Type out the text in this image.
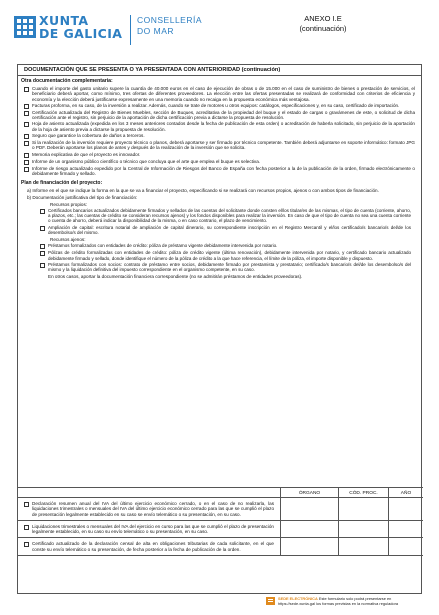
XUNTA
DE GALICIA
CONSELLERÍA
DO MAR
ANEXO I.E
(continuación)
DOCUMENTACIÓN QUE SE PRESENTA O YA PRESENTADA CON ANTERIORIDAD (continuación)
Otra documentación complementaria:
Cuando el importe del gasto unitario supere la cuantía de 40.000 euros en el caso de ejecución de obras o de 15.000 en el caso de suministro de bienes o prestación de servicios, el beneficiario deberá aportar, como mínimo, tres ofertas de diferentes proveedores. La elección entre las ofertas presentadas se realizará de conformidad con criterios de eficiencia y economía y la elección deberá justificarse expresamente en una memoria cuando no recaiga en la propuesta económica más ventajosa.
Facturas proforma, en su caso, de la inversión a realizar. Además, cuando se trate de motores u otros equipos: catálogos, especificaciones y, en su caso, certificado de importación.
Certificación actualizada del Registro de Bienes Muebles, sección de Buques, acreditativa de la propiedad del buque y el estado de cargas o gravámenes de este, o solicitud de dicha certificación ante el registro, sin perjuicio de la aportación de dicha certificación previa a dictarse la propuesta de resolución.
Hoja de asiento actualizada (expedida en los 3 meses anteriores contados desde la fecha de publicación de esta orden) o acreditación de haberla solicitado, sin perjuicio de la aportación de la hoja de asiento previa a dictarse la propuesta de resolución.
Seguro que garantice la cobertura de daños a terceros.
Si la realización de la inversión requiere proyecto técnico o planos, deberá aportarse y ser firmado por técnico competente. También deberá adjuntarse en soporte informático: formato JPG o PDF. Deberán aportarse los planos de antes y después de la realización de la inversión que se solicita.
Memoria explicativa de que el proyecto es innovador.
Informe de un organismo público científico o técnico que concluya que el arte que emplea el buque es selectiva.
Informe de riesgo actualizado expedido por la Central de Información de Riesgos del Banco de España con fecha posterior a la de la publicación de la orden, firmado electrónicamente o debidamente firmado y sellado.
Plan de financiación del proyecto:
a) Informe en el que se indique la forma en la que se va a financiar el proyecto, especificando si se realizará con recursos propios, ajenos o con ambos tipos de financiación.
b) Documentación justificativa del tipo de financiación:
Recursos propios:
Certificados bancarios actualizados debidamente firmados y sellados de las cuentas del solicitante donde consten el/los titular/es de las mismas, el tipo de cuenta (corriente, ahorro, a plazos, etc.; las cuentas de crédito se consideran recursos ajenos) y los fondos disponibles para realizar la inversión. En caso de que el tipo de cuenta no sea una cuenta corriente o cuenta de ahorro, deberá indicar la disponibilidad de la misma, o en caso contrario, el plazo de vencimiento.
Ampliación de capital: escritura notarial de ampliación de capital dinerario, su correspondiente inscripción en el Registro Mercantil y el/los certificado/s bancario/s del/de los desembolso/s del mismo.
Recursos ajenos:
Préstamos formalizados con entidades de crédito: póliza de préstamo vigente debidamente intervenida por notario.
Pólizas de crédito formalizadas con entidades de crédito: póliza de crédito vigente (última renovación), debidamente intervenida por notario, y certificado bancario actualizado debidamente firmado y sellado, donde identifique el número de la póliza de crédito a la que hace referencia, el límite de la póliza, el importe disponible y dispuesto.
Préstamos formalizados con socios: contrato de préstamo entre socios, debidamente firmado por prestamista y prestatario; certificado/s bancario/s del/de los desembolso/s del mismo y la liquidación definitiva del impuesto correspondiente en el organismo competente, en su caso.
En otros casos, aportar la documentación financiera correspondiente (no se admitirán préstamos de entidades proveedoras).
ÓRGANO	CÓD. PROC.	AÑO
Declaración resumen anual del IVA del último ejercicio económico cerrado, o en el caso de no realizarla, las liquidaciones trimestrales o mensuales del IVA del último ejercicio económico cerrado para las que se cumplió el plazo de presentación legalmente establecido en su caso se envío telemático o su presentación, en su caso.
Liquidaciones trimestrales o mensuales del IVA del ejercicio en curso para las que se cumplió el plazo de presentación legalmente establecido, en su caso su envío telemático o su presentación, en su caso.
Certificado actualizado de la declaración censal de alta en obligaciones tributarias de cada solicitante, en el que conste su envío telemático o su presentación, de fecha posterior a la fecha de publicación de la orden.
SEDE ELECTRÓNICA Este formulario solo podrá presentarse en
https://sede.xunta.gal los formas previstas en la normativa reguladora
